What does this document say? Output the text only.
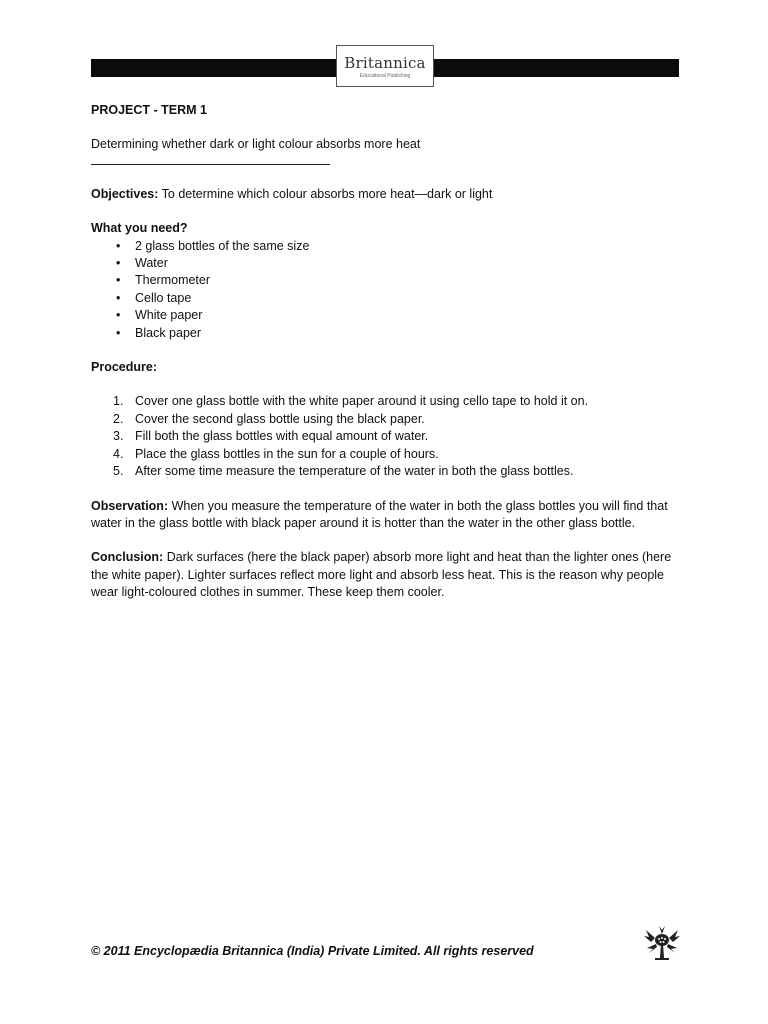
Britannica
Educational Publishing

PROJECT - TERM 1

Determining whether dark or light colour absorbs more heat

Objectives: To determine which colour absorbs more heat—dark or light

What you need?

• 2 glass bottles of the same size
• Water
• Thermometer
• Cello tape
• White paper
• Black paper

Procedure:

1. Cover one glass bottle with the white paper around it using cello tape to hold it on.
2. Cover the second glass bottle using the black paper.
3. Fill both the glass bottles with equal amount of water.
4. Place the glass bottles in the sun for a couple of hours.
5. After some time measure the temperature of the water in both the glass bottles.

Observation: When you measure the temperature of the water in both the glass bottles you will find that water in the glass bottle with black paper around it is hotter than the water in the other glass bottle.

Conclusion: Dark surfaces (here the black paper) absorb more light and heat than the lighter ones (here the white paper). Lighter surfaces reflect more light and absorb less heat. This is the reason why people wear light-coloured clothes in summer. These keep them cooler.

© 2011 Encyclopædia Britannica (India) Private Limited. All rights reserved
